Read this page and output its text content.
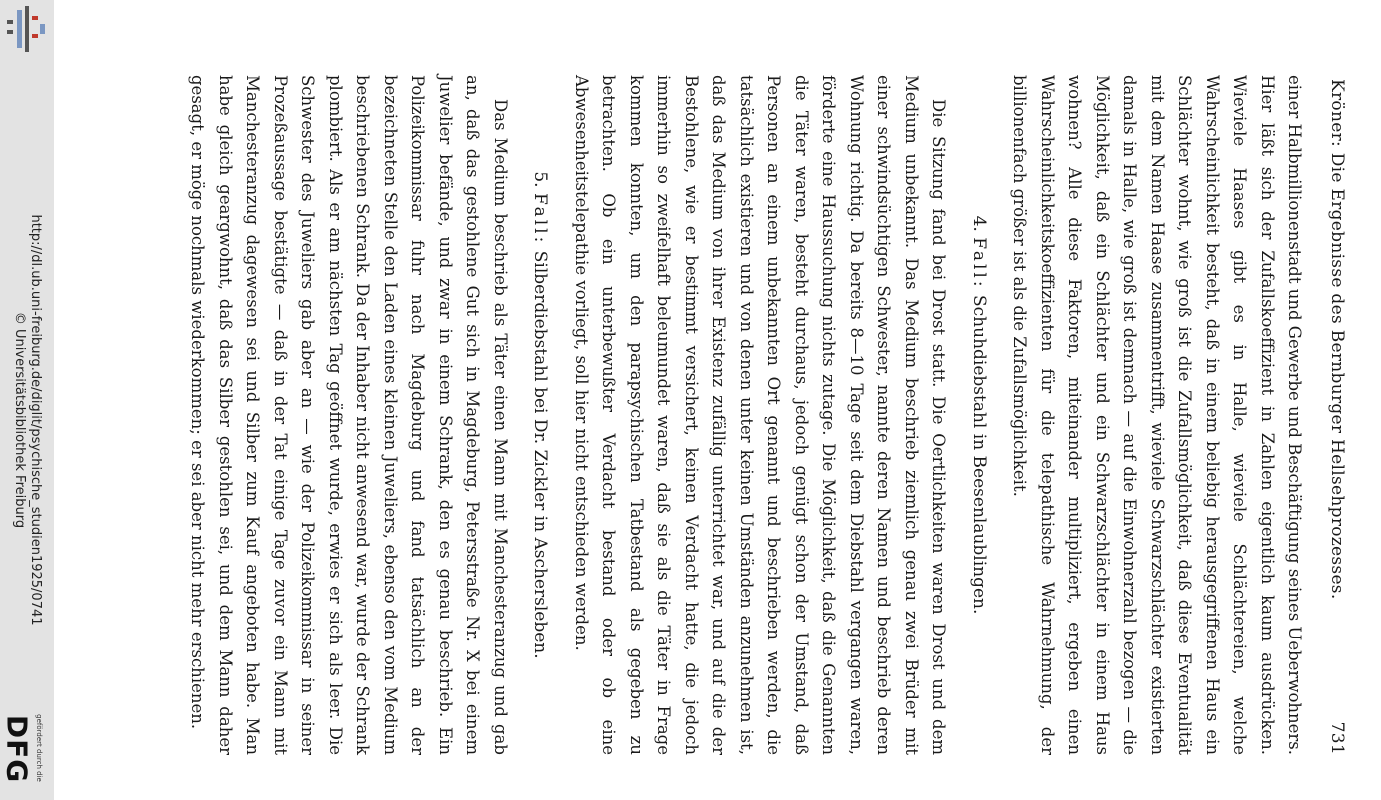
http://dl.ub.uni-freiburg.de/diglit/psychische_studien1925/0741
© Universitätsbibliothek Freiburg
DFG gefördert durch die
Kröner: Die Ergebnisse des Bernburger Hellsehprozesses.
731

einer Halbmillionenstadt und Gewerbe und Beschäftigung seines Ueberwohners. Hier läßt sich der Zufallskoeffizient in Zahlen eigentlich kaum ausdrücken. Wieviele Haases gibt es in Halle, wieviele Schlächtereien, welche Wahrscheinlichkeit besteht, daß in einem beliebig herausgegriffenen Haus ein Schlächter wohnt, wie groß ist die Zufallsmöglichkeit, daß diese Eventualität mit dem Namen Haase zusammentrifft, wieviele Schwarzschlächter existierten damals in Halle, wie groß ist demnach — auf die Einwohnerzahl bezogen — die Möglichkeit, daß ein Schlächter und ein Schwarzschlächter in einem Haus wohnen? Alle diese Faktoren, miteinander multipliziert, ergeben einen Wahrscheinlichkeitskoeffizienten für die telepathische Wahrnehmung, der billionenfach größer ist als die Zufallsmöglichkeit.

4. Fall: Schuhdiebstahl in Beesenlaublingen.

Die Sitzung fand bei Drost statt. Die Oertlichkeiten waren Drost und dem Medium unbekannt. Das Medium beschrieb ziemlich genau zwei Brüder mit einer schwindsüchtigen Schwester, nannte deren Namen und beschrieb deren Wohnung richtig. Da bereits 8—10 Tage seit dem Diebstahl vergangen waren, förderte eine Haussuchung nichts zutage. Die Möglichkeit, daß die Genannten die Täter waren, besteht durchaus, jedoch genügt schon der Umstand, daß Personen an einem unbekannten Ort genannt und beschrieben werden, die tatsächlich existieren und von denen unter keinen Umständen anzunehmen ist, daß das Medium von ihrer Existenz zufällig unterrichtet war, und auf die der Bestohlene, wie er bestimmt versichert, keinen Verdacht hatte, die jedoch immerhin so zweifelhaft beleumundet waren, daß sie als die Täter in Frage kommen konnten, um den parapsychischen Tatbestand als gegeben zu betrachten. Ob ein unterbewußter Verdacht bestand oder ob eine Abwesenheitstelepathie vorliegt, soll hier nicht entschieden werden.

5. Fall: Silberdiebstahl bei Dr. Zickler in Aschersleben.

Das Medium beschrieb als Täter einen Mann mit Manchesteranzug und gab an, daß das gestohlene Gut sich in Magdeburg, Petersstraße Nr. X bei einem Juwelier befände, und zwar in einem Schrank, den es genau beschrieb. Ein Polizeikommissar fuhr nach Magdeburg und fand tatsächlich an der bezeichneten Stelle den Laden eines kleinen Juweliers, ebenso den vom Medium beschriebenen Schrank. Da der Inhaber nicht anwesend war, wurde der Schrank plombiert. Als er am nächsten Tag geöffnet wurde, erwies er sich als leer. Die Schwester des Juweliers gab aber an — wie der Polizeikommissar in seiner Prozeßaussage bestätigte — daß in der Tat einige Tage zuvor ein Mann mit Manchesteranzug dagewesen sei und Silber zum Kauf angeboten habe. Man habe gleich geargwohnt, daß das Silber gestohlen sei, und dem Mann daher gesagt, er möge nochmals wiederkommen; er sei aber nicht mehr erschienen.
